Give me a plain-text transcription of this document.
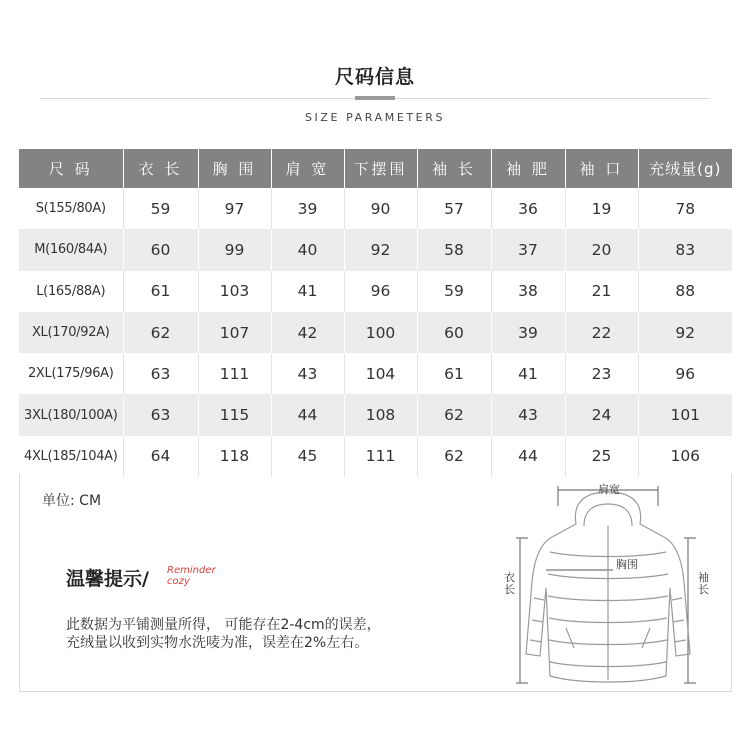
尺码信息
SIZE PARAMETERS
尺 码	衣 长	胸 围	肩 宽	下摆围	袖 长	袖 肥	袖 口	充绒量(g)
S(155/80A)	59	97	39	90	57	36	19	78
M(160/84A)	60	99	40	92	58	37	20	83
L(165/88A)	61	103	41	96	59	38	21	88
XL(170/92A)	62	107	42	100	60	39	22	92
2XL(175/96A)	63	111	43	104	61	41	23	96
3XL(180/100A)	63	115	44	108	62	43	24	101
4XL(185/104A)	64	118	45	111	62	44	25	106
单位: CM
温馨提示/ Reminder
cozy
此数据为平铺测量所得， 可能存在2-4cm的误差，
充绒量以收到实物水洗唛为准，误差在2%左右。
肩宽
胸围
衣长
袖长
